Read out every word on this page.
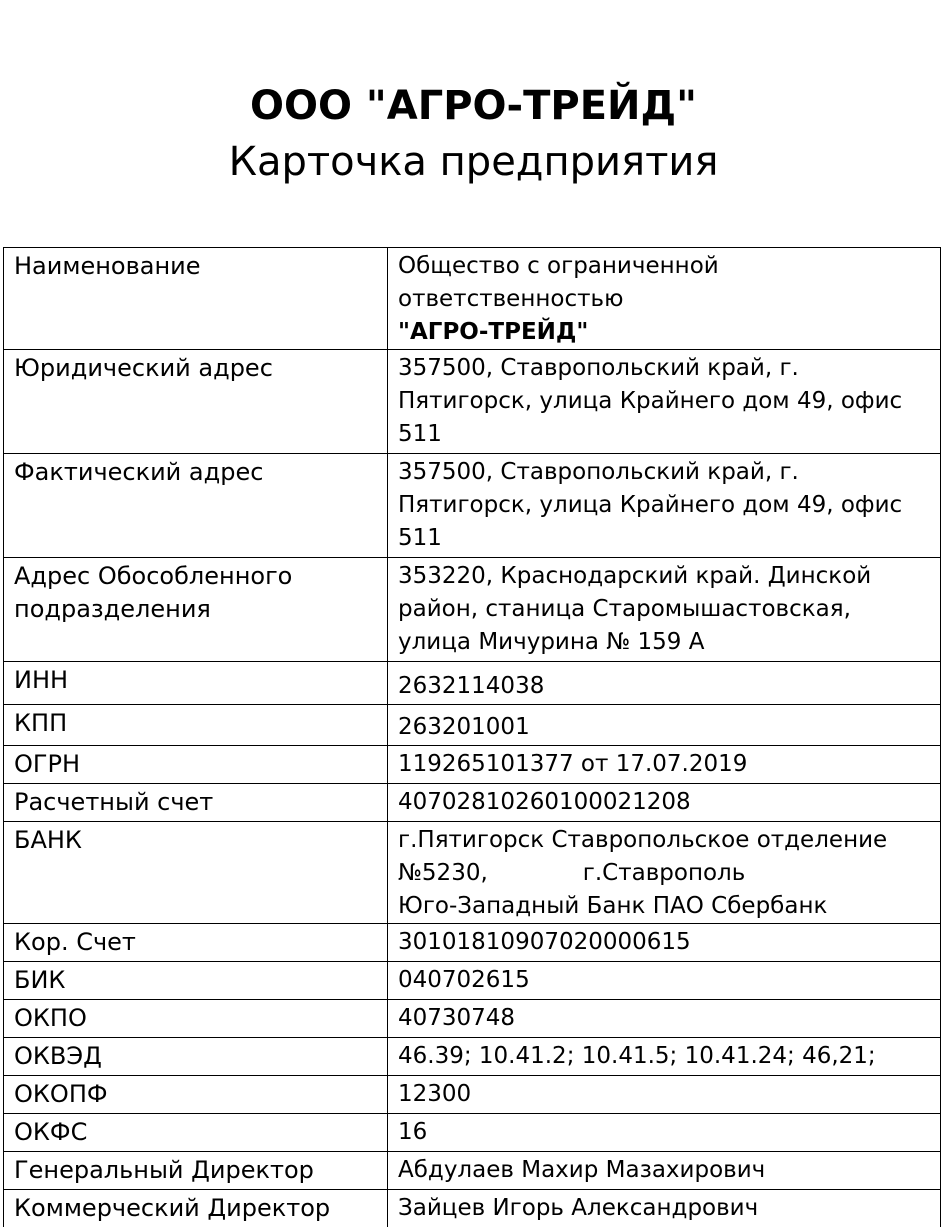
ООО "АГРО-ТРЕЙД"
Карточка предприятия
Наименование	Общество с ограниченной ответственностью
"АГРО-ТРЕЙД"
Юридический адрес	357500, Ставропольский край, г. Пятигорск, улица Крайнего дом 49, офис 511
Фактический адрес	357500, Ставропольский край, г. Пятигорск, улица Крайнего дом 49, офис 511
Адрес Обособленного подразделения	353220, Краснодарский край. Динской район, станица Старомышастовская, улица Мичурина № 159 А
ИНН	2632114038
КПП	263201001
ОГРН	119265101377 от 17.07.2019
Расчетный счет	40702810260100021208
БАНК	г.Пятигорск Ставропольское отделение
№5230, г.Ставрополь
Юго-Западный Банк ПАО Сбербанк
Кор. Счет	30101810907020000615
БИК	040702615
ОКПО	40730748
ОКВЭД	46.39; 10.41.2; 10.41.5; 10.41.24; 46,21;
ОКОПФ	12300
ОКФС	16
Генеральный Директор	Абдулаев Махир Мазахирович
Коммерческий Директор	Зайцев Игорь Александрович
